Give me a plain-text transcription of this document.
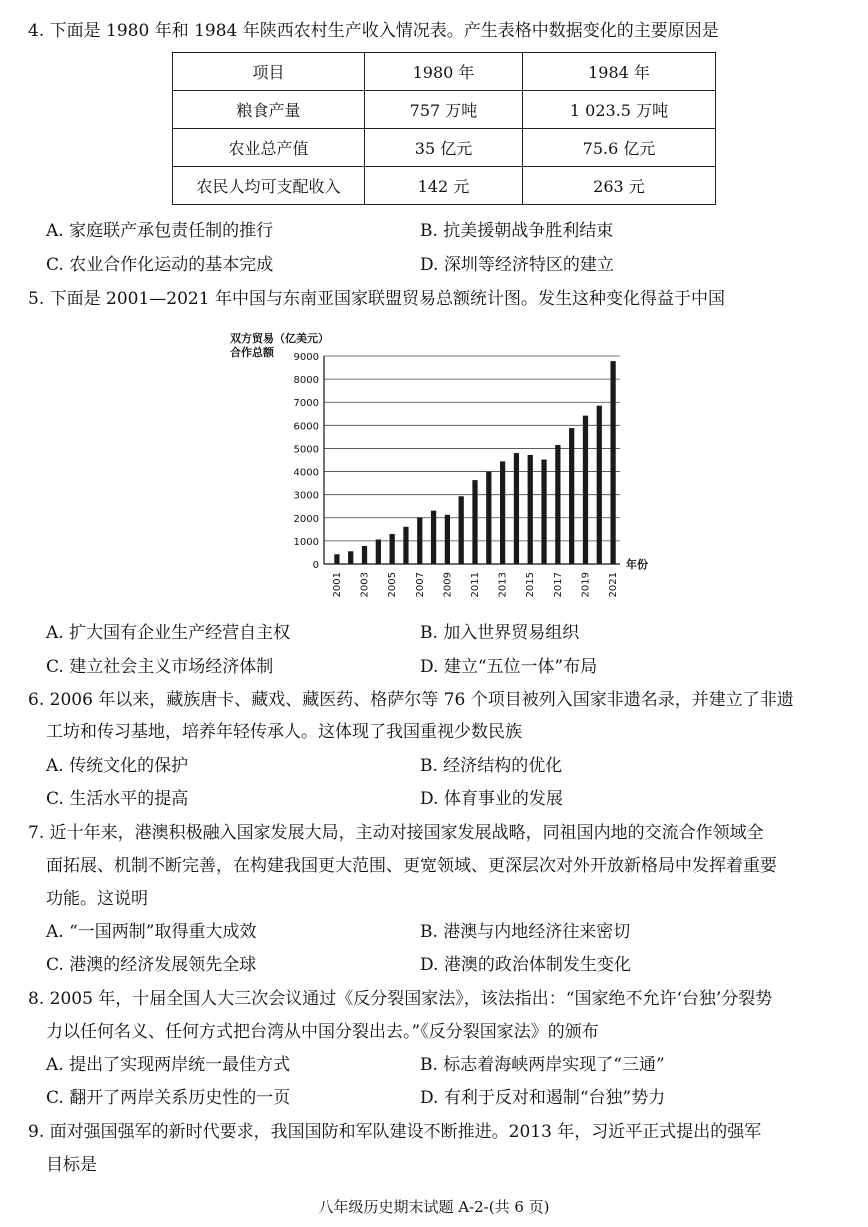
4. 下面是 1980 年和 1984 年陕西农村生产收入情况表。产生表格中数据变化的主要原因是
项目	1980 年	1984 年
粮食产量	757 万吨	1 023.5 万吨
农业总产值	35 亿元	75.6 亿元
农民人均可支配收入	142 元	263 元
A. 家庭联产承包责任制的推行	B. 抗美援朝战争胜利结束
C. 农业合作化运动的基本完成	D. 深圳等经济特区的建立
5. 下面是 2001—2021 年中国与东南亚国家联盟贸易总额统计图。发生这种变化得益于中国
0
1000
2000
3000
4000
5000
6000
7000
8000
9000
2001 2003 2005 2007 2009 2011 2013 2015 2017 2019 2021
双方贸易（亿美元）
合作总额
年份
A. 扩大国有企业生产经营自主权	B. 加入世界贸易组织
C. 建立社会主义市场经济体制	D. 建立“五位一体”布局
6. 2006 年以来，藏族唐卡、藏戏、藏医药、格萨尔等 76 个项目被列入国家非遗名录，并建立了非遗
工坊和传习基地，培养年轻传承人。这体现了我国重视少数民族
A. 传统文化的保护	B. 经济结构的优化
C. 生活水平的提高	D. 体育事业的发展
7. 近十年来，港澳积极融入国家发展大局，主动对接国家发展战略，同祖国内地的交流合作领域全
面拓展、机制不断完善，在构建我国更大范围、更宽领域、更深层次对外开放新格局中发挥着重要
功能。这说明
A. “一国两制”取得重大成效	B. 港澳与内地经济往来密切
C. 港澳的经济发展领先全球	D. 港澳的政治体制发生变化
8. 2005 年，十届全国人大三次会议通过《反分裂国家法》，该法指出：“国家绝不允许‘台独’分裂势
力以任何名义、任何方式把台湾从中国分裂出去。”《反分裂国家法》的颁布
A. 提出了实现两岸统一最佳方式	B. 标志着海峡两岸实现了“三通”
C. 翻开了两岸关系历史性的一页	D. 有利于反对和遏制“台独”势力
9. 面对强国强军的新时代要求，我国国防和军队建设不断推进。2013 年，习近平正式提出的强军
目标是
八年级历史期末试题 A-2-(共 6 页)
